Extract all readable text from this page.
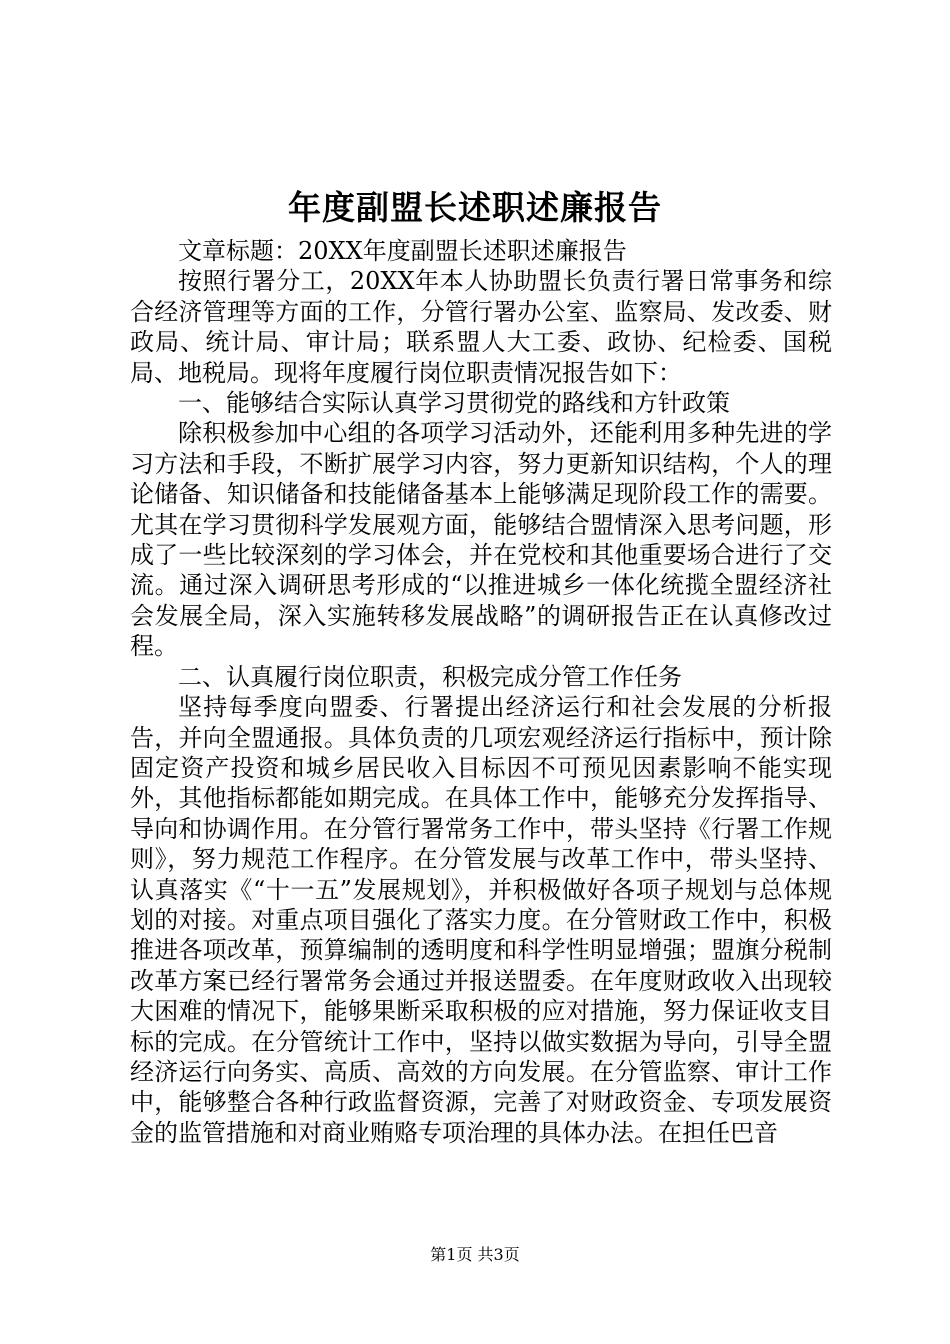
年度副盟长述职述廉报告

文章标题：20XX年度副盟长述职述廉报告

按照行署分工，20XX年本人协助盟长负责行署日常事务和综合经济管理等方面的工作，分管行署办公室、监察局、发改委、财政局、统计局、审计局；联系盟人大工委、政协、纪检委、国税局、地税局。现将年度履行岗位职责情况报告如下：

一、能够结合实际认真学习贯彻党的路线和方针政策

除积极参加中心组的各项学习活动外，还能利用多种先进的学习方法和手段，不断扩展学习内容，努力更新知识结构，个人的理论储备、知识储备和技能储备基本上能够满足现阶段工作的需要。尤其在学习贯彻科学发展观方面，能够结合盟情深入思考问题，形成了一些比较深刻的学习体会，并在党校和其他重要场合进行了交流。通过深入调研思考形成的“以推进城乡一体化统揽全盟经济社会发展全局，深入实施转移发展战略”的调研报告正在认真修改过程。

二、认真履行岗位职责，积极完成分管工作任务

坚持每季度向盟委、行署提出经济运行和社会发展的分析报告，并向全盟通报。具体负责的几项宏观经济运行指标中，预计除固定资产投资和城乡居民收入目标因不可预见因素影响不能实现外，其他指标都能如期完成。在具体工作中，能够充分发挥指导、导向和协调作用。在分管行署常务工作中，带头坚持《行署工作规则》，努力规范工作程序。在分管发展与改革工作中，带头坚持、认真落实《“十一五”发展规划》，并积极做好各项子规划与总体规划的对接。对重点项目强化了落实力度。在分管财政工作中，积极推进各项改革，预算编制的透明度和科学性明显增强；盟旗分税制改革方案已经行署常务会通过并报送盟委。在年度财政收入出现较大困难的情况下，能够果断采取积极的应对措施，努力保证收支目标的完成。在分管统计工作中，坚持以做实数据为导向，引导全盟经济运行向务实、高质、高效的方向发展。在分管监察、审计工作中，能够整合各种行政监督资源，完善了对财政资金、专项发展资金的监管措施和对商业贿赂专项治理的具体办法。在担任巴音

第1页 共3页
